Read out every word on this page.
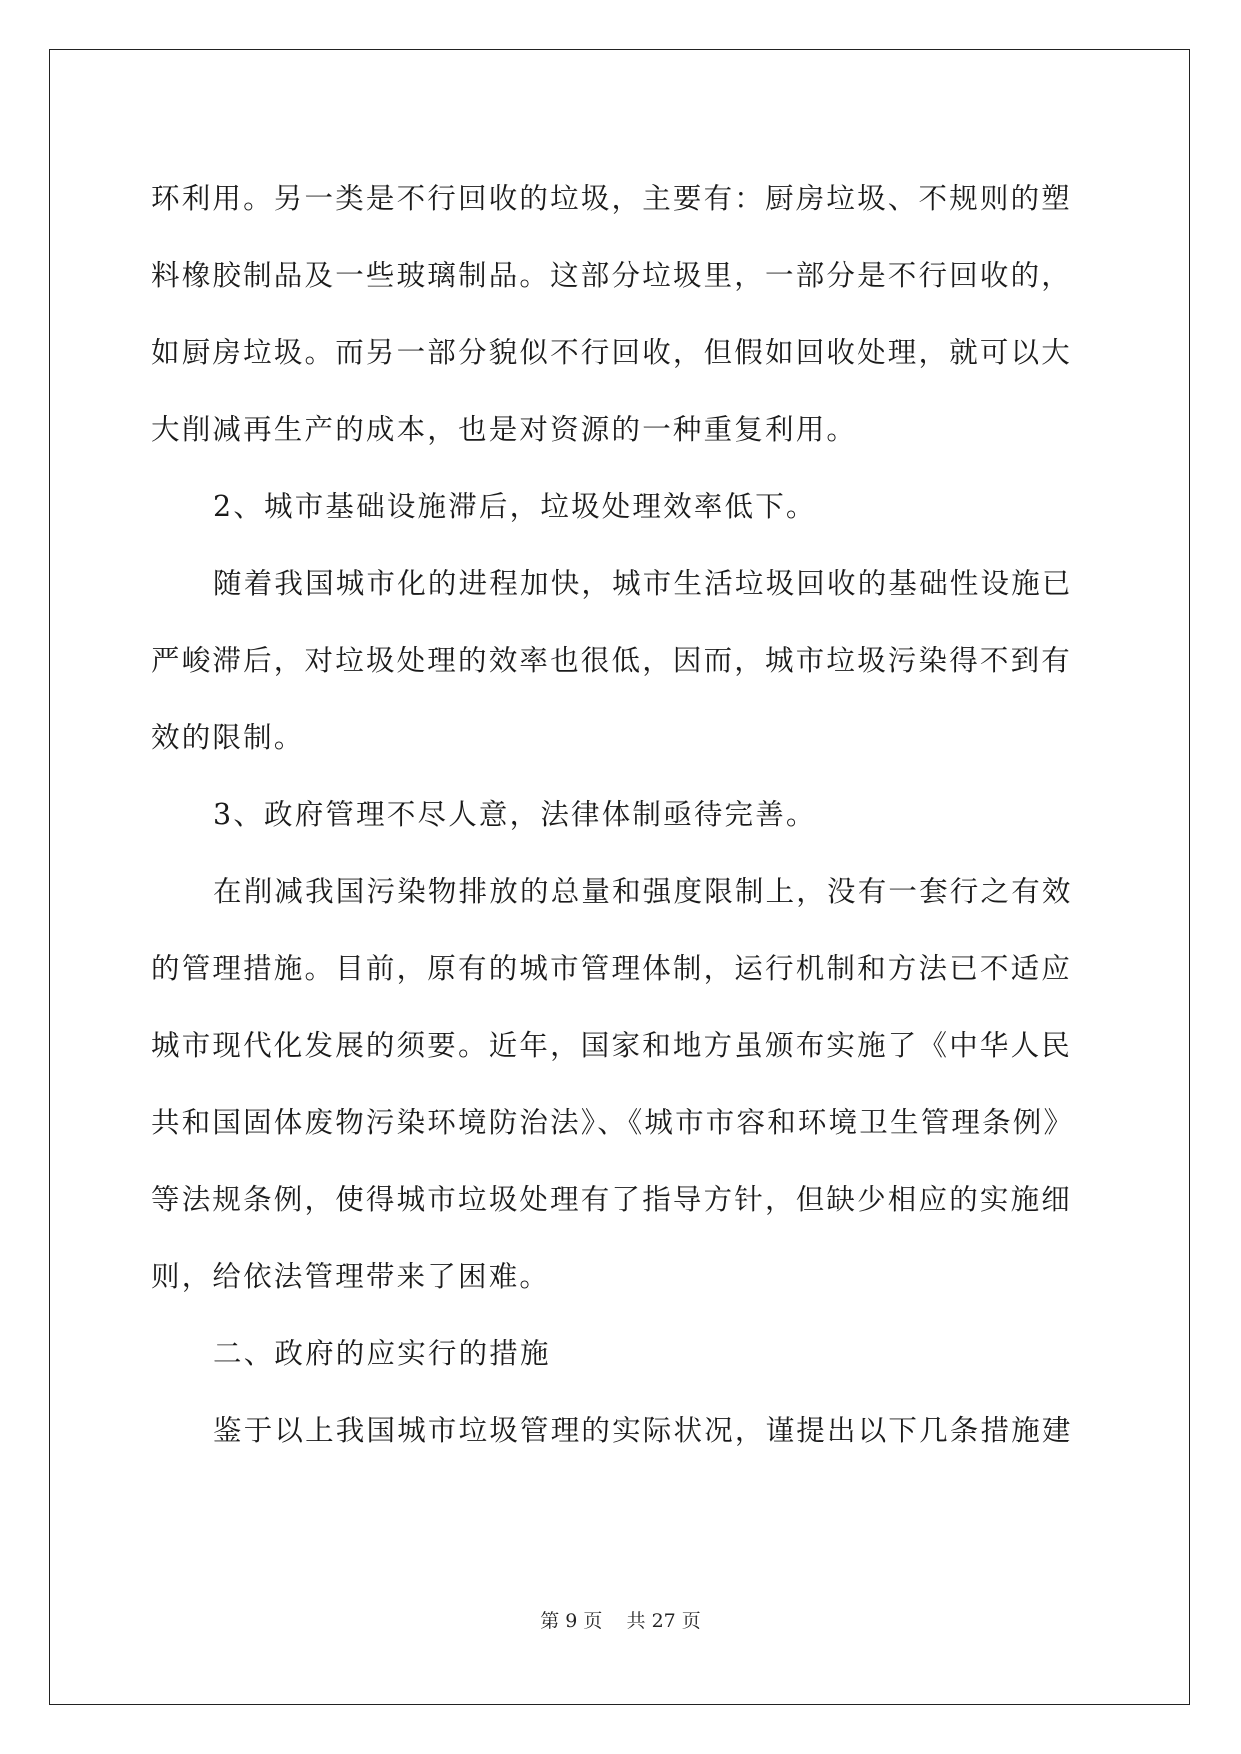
环利用。另一类是不行回收的垃圾，主要有：厨房垃圾、不规则的塑
料橡胶制品及一些玻璃制品。这部分垃圾里，一部分是不行回收的，
如厨房垃圾。而另一部分貌似不行回收，但假如回收处理，就可以大
大削减再生产的成本，也是对资源的一种重复利用。
2、城市基础设施滞后，垃圾处理效率低下。
随着我国城市化的进程加快，城市生活垃圾回收的基础性设施已
严峻滞后，对垃圾处理的效率也很低，因而，城市垃圾污染得不到有
效的限制。
3、政府管理不尽人意，法律体制亟待完善。
在削减我国污染物排放的总量和强度限制上，没有一套行之有效
的管理措施。目前，原有的城市管理体制，运行机制和方法已不适应
城市现代化发展的须要。近年，国家和地方虽颁布实施了《中华人民
共和国固体废物污染环境防治法》、《城市市容和环境卫生管理条例》
等法规条例，使得城市垃圾处理有了指导方针，但缺少相应的实施细
则，给依法管理带来了困难。
二、政府的应实行的措施
鉴于以上我国城市垃圾管理的实际状况，谨提出以下几条措施建
第 9 页 共 27 页
